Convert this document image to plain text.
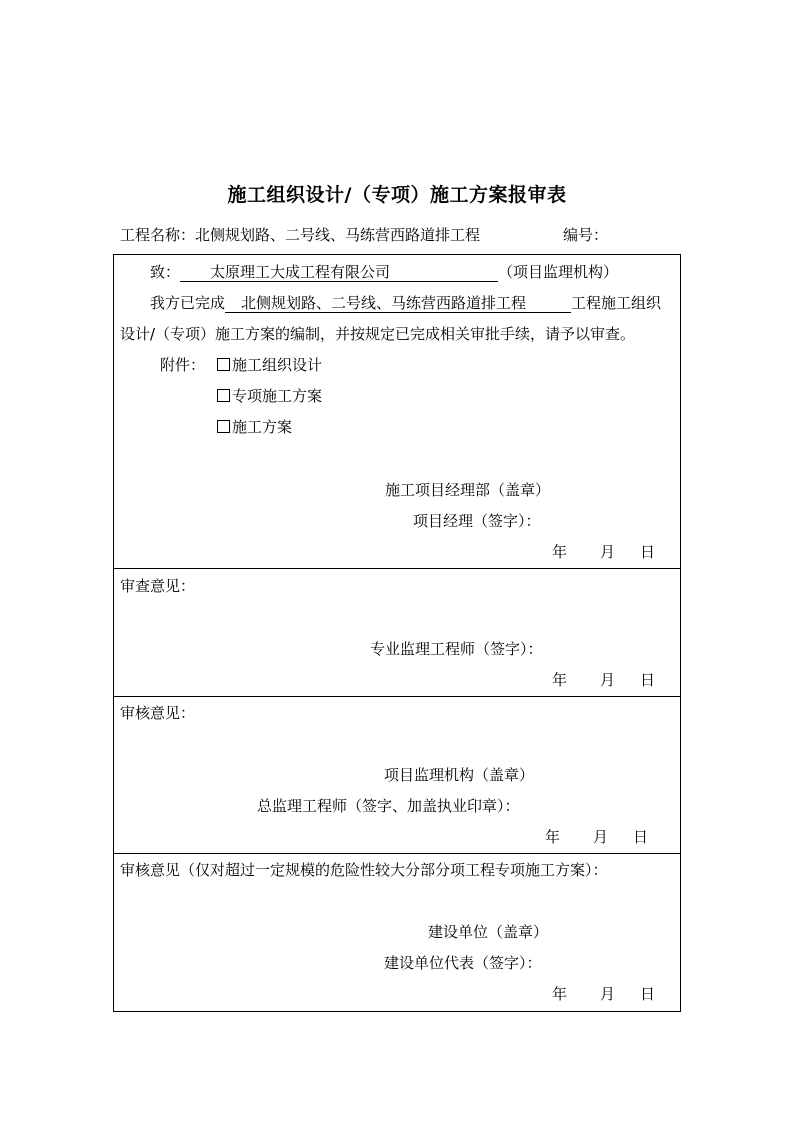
施工组织设计/（专项）施工方案报审表
工程名称：北侧规划路、二号线、马练营西路道排工程	编号：
致： 太原理工大成工程有限公司	（项目监理机构）
我方已完成 北侧规划路、二号线、马练营西路道排工程	工程施工组织
设计/（专项）施工方案的编制，并按规定已完成相关审批手续，请予以审查。
附件：	施工组织设计
专项施工方案
施工方案
施工项目经理部（盖章）
项目经理（签字）：
年 月 日
审查意见：
专业监理工程师（签字）：
年 月 日
审核意见：
项目监理机构（盖章）
总监理工程师（签字、加盖执业印章）：
年 月 日
审核意见（仅对超过一定规模的危险性较大分部分项工程专项施工方案）：
建设单位（盖章）
建设单位代表（签字）：
年 月 日
